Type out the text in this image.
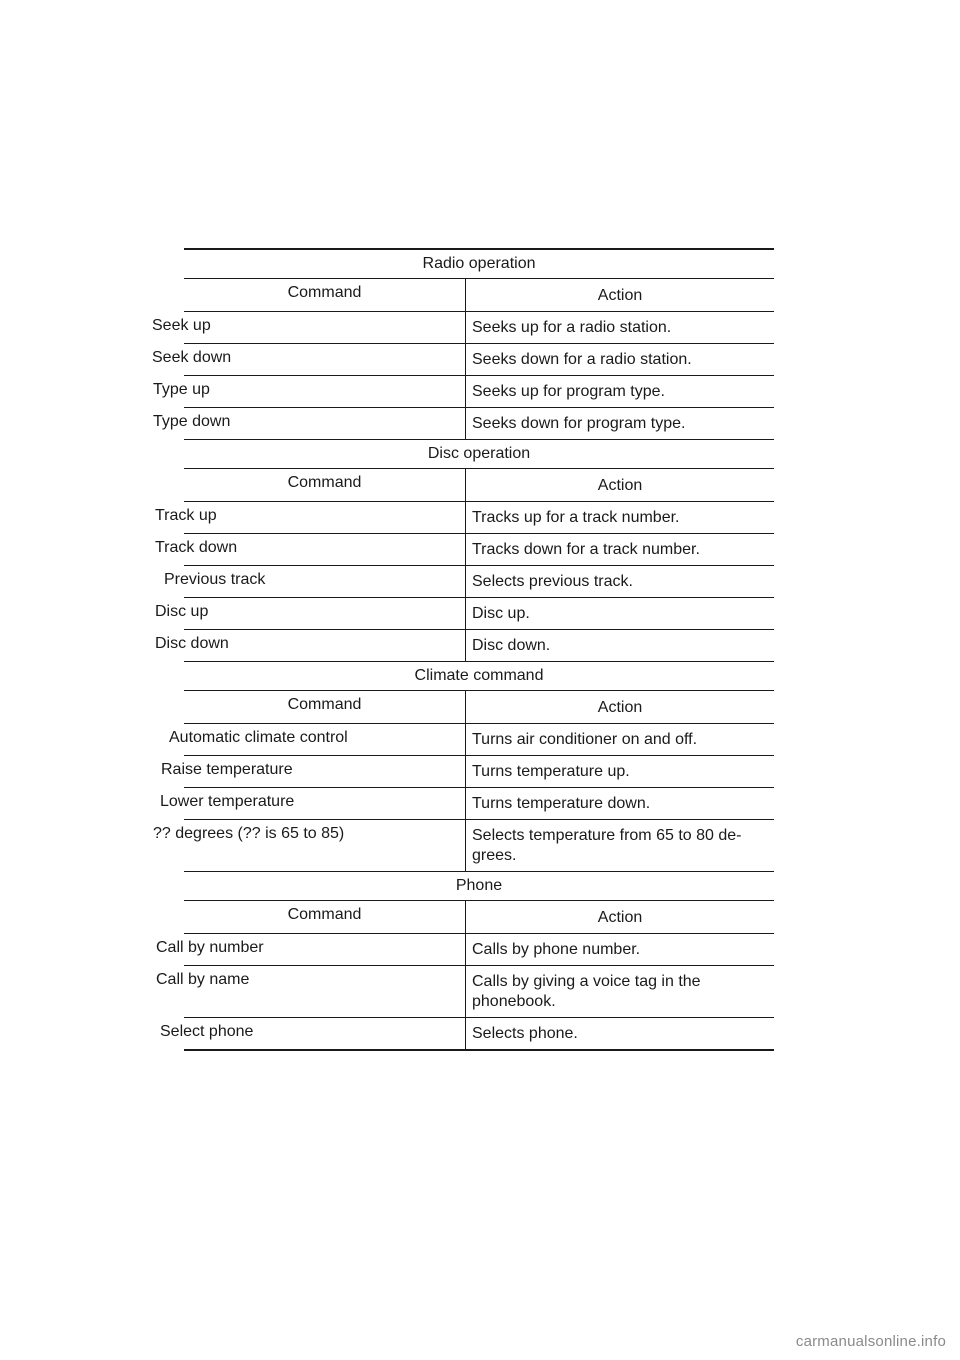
Radio operation
Command	Action
Seek up	Seeks up for a radio station.
Seek down	Seeks down for a radio station.
Type up	Seeks up for program type.
Type down	Seeks down for program type.
Disc operation
Command	Action
Track up	Tracks up for a track number.
Track down	Tracks down for a track number.
Previous track	Selects previous track.
Disc up	Disc up.
Disc down	Disc down.
Climate command
Command	Action
Automatic climate control	Turns air conditioner on and off.
Raise temperature	Turns temperature up.
Lower temperature	Turns temperature down.
?? degrees (?? is 65 to 85)	Selects temperature from 65 to 80 de-grees.
Phone
Command	Action
Call by number	Calls by phone number.
Call by name	Calls by giving a voice tag in the phonebook.
Select phone	Selects phone.
carmanualsonline.info
